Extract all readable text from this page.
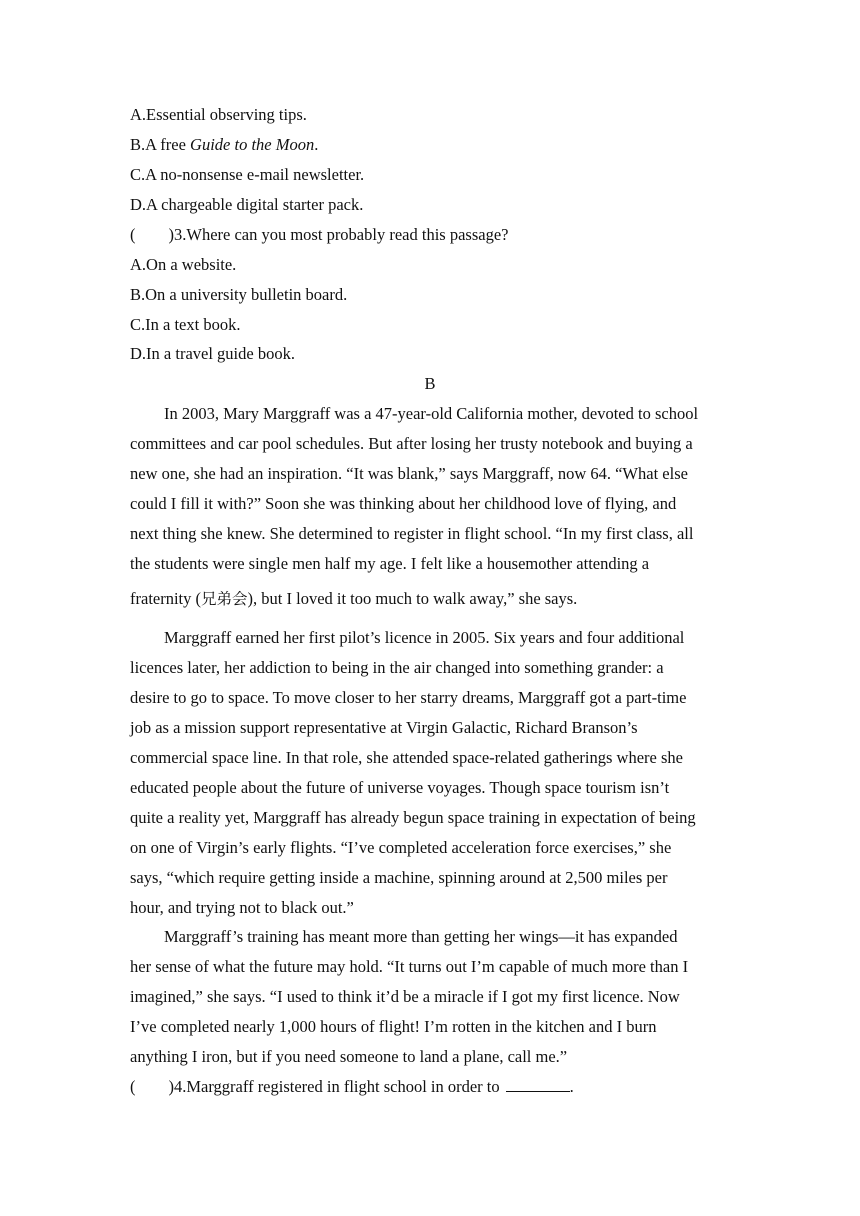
A.Essential observing tips.
B.A free Guide to the Moon.
C.A no-nonsense e-mail newsletter.
D.A chargeable digital starter pack.
(        )3.Where can you most probably read this passage?
A.On a website.
B.On a university bulletin board.
C.In a text book.
D.In a travel guide book.
B
In 2003, Mary Marggraff was a 47-year-old California mother, devoted to school
committees and car pool schedules. But after losing her trusty notebook and buying a
new one, she had an inspiration. “It was blank,” says Marggraff, now 64. “What else
could I fill it with?” Soon she was thinking about her childhood love of flying, and
next thing she knew. She determined to register in flight school. “In my first class, all
the students were single men half my age. I felt like a housemother attending a
fraternity (兄弟会), but I loved it too much to walk away,” she says.
Marggraff earned her first pilot’s licence in 2005. Six years and four additional
licences later, her addiction to being in the air changed into something grander: a
desire to go to space. To move closer to her starry dreams, Marggraff got a part-time
job as a mission support representative at Virgin Galactic, Richard Branson’s
commercial space line. In that role, she attended space-related gatherings where she
educated people about the future of universe voyages. Though space tourism isn’t
quite a reality yet, Marggraff has already begun space training in expectation of being
on one of Virgin’s early flights. “I’ve completed acceleration force exercises,” she
says, “which require getting inside a machine, spinning around at 2,500 miles per
hour, and trying not to black out.”
Marggraff’s training has meant more than getting her wings—it has expanded
her sense of what the future may hold. “It turns out I’m capable of much more than I
imagined,” she says. “I used to think it’d be a miracle if I got my first licence. Now
I’ve completed nearly 1,000 hours of flight! I’m rotten in the kitchen and I burn
anything I iron, but if you need someone to land a plane, call me.”
(        )4.Marggraff registered in flight school in order to	.
